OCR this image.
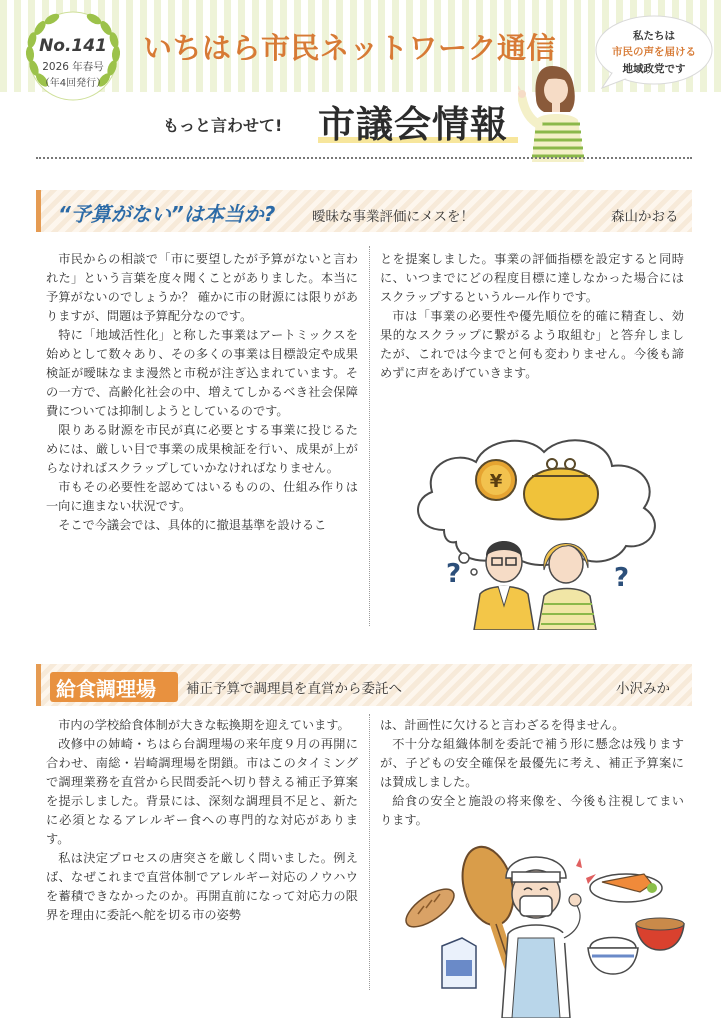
No.141
2026 年春号
（年4回発行）
いちはら市民ネットワーク通信
もっと言わせて! 市議会情報
私たちは
市民の声を届ける
地域政党です
“予算がない”は本当か?	曖昧な事業評価にメスを！	森山かおる

市民からの相談で「市に要望したが予算がないと言われた」という言葉を度々聞くことがありました。本当に予算がないのでしょうか？ 確かに市の財源には限りがありますが、問題は予算配分なのです。

特に「地域活性化」と称した事業はアートミックスを始めとして数々あり、その多くの事業は目標設定や成果検証が曖昧なまま漫然と市税が注ぎ込まれています。その一方で、高齢化社会の中、増えてしかるべき社会保障費については抑制しようとしているのです。

限りある財源を市民が真に必要とする事業に投じるためには、厳しい目で事業の成果検証を行い、成果が上がらなければスクラップしていかなければなりません。

市もその必要性を認めてはいるものの、仕組み作りは一向に進まない状況です。

そこで今議会では、具体的に撤退基準を設けるこ

とを提案しました。事業の評価指標を設定すると同時に、いつまでにどの程度目標に達しなかった場合にはスクラップするというルール作りです。

市は「事業の必要性や優先順位を的確に精査し、効果的なスクラップに繋がるよう取組む」と答弁しましたが、これでは今までと何も変わりません。今後も諦めずに声をあげていきます。

¥
?	?
給食調理場 補正予算で調理員を直営から委託へ	小沢みか

市内の学校給食体制が大きな転換期を迎えています。

改修中の姉崎・ちはら台調理場の来年度９月の再開に合わせ、南総・岩崎調理場を閉鎖。市はこのタイミングで調理業務を直営から民間委託へ切り替える補正予算案を提示しました。背景には、深刻な調理員不足と、新たに必須となるアレルギー食への専門的な対応があります。

私は決定プロセスの唐突さを厳しく問いました。例えば、なぜこれまで直営体制でアレルギー対応のノウハウを蓄積できなかったのか。再開直前になって対応力の限界を理由に委託へ舵を切る市の姿勢

は、計画性に欠けると言わざるを得ません。

不十分な組織体制を委託で補う形に懸念は残りますが、子どもの安全確保を最優先に考え、補正予算案には賛成しました。

給食の安全と施設の将来像を、今後も注視してまいります。
